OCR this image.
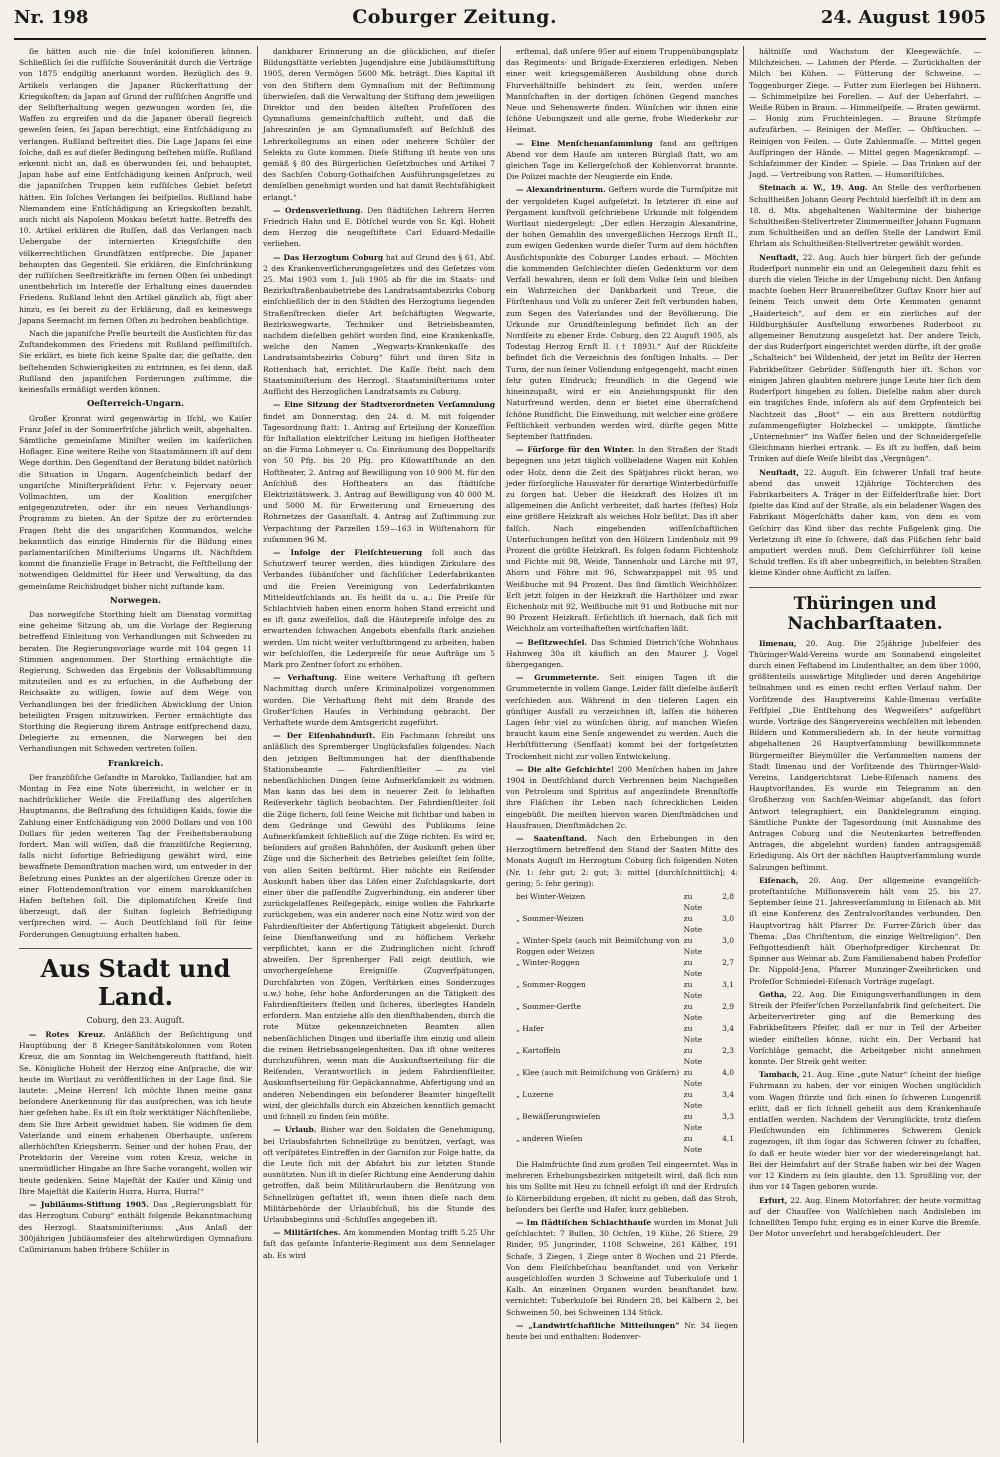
Nr. 198	Coburger Zeitung.	24. August 1905

ſie hätten auch nie die Inſel koloniſieren können. Schließlich ſei die ruſſiſche Souveränität durch die Verträge von 1875 endgiltig anerkannt worden. Bezüglich des 9. Artikels verlangen die Japaner Rückerſtattung der Kriegskoſten; da Japan auf Grund der ruſſiſchen Angriffe und der Selbſterhaltung wegen gezwungen worden ſei, die Waffen zu ergreifen und da die Japaner überall ſiegreich geweſen ſeien, ſei Japan berechtigt, eine Entſchädigung zu verlangen. Rußland beſtreitet dies. Die Lage Japans ſei eine ſolche, daß es auf dieſer Bedingung beſtehen müſſe. Rußland erkennt nicht an, daß es überwunden ſei, und behauptet, Japan habe auf eine Entſchädigung keinen Anſpruch, weil die japaniſchen Truppen kein ruſſiſches Gebiet beſetzt hätten. Ein ſolches Verlangen ſei beiſpiellos. Rußland habe Niemandem eine Entſchädigung an Kriegskoſten bezahlt, auch nicht als Napoleon Moskau beſetzt hatte. Betreffs des 10. Artikel erklären die Ruſſen, daß das Verlangen nach Uebergabe der internierten Kriegsſchiffe den völkerrechtlichen Grundſätzen entſpreche. Die Japaner behaupten das Gegenteil. Sie erklären, die Einſchränkung der ruſſiſchen Seeſtreitkräfte im fernen Oſten ſei unbedingt unentbehrlich im Intereſſe der Erhaltung eines dauernden Friedens. Rußland lehnt den Artikel gänzlich ab, fügt aber hinzu, es ſei bereit zu der Erklärung, daß es keineswegs Japans Seemacht im fernen Oſten zu bedrohen beabſichtige.

Nach die japaniſche Preſſe beurteilt die Ausſichten für das Zuſtandekommen des Friedens mit Rußland peſſimiſtiſch. Sie erklärt, es biete ſich keine Spalte dar, die geſtatte, den beſtehenden Schwierigkeiten zu entrinnen, es ſei denn, daß Rußland den japaniſchen Forderungen zuſtimme, die keinesfalls ermäßigt werden können.

Oeſterreich-Ungarn.

Großer Kronrat wird gegenwärtig in Iſchl, wo Kaiſer Franz Joſef in der Sommerfriſche jährlich weilt, abgehalten. Sämtliche gemeinſame Miniſter weilen im kaiſerlichen Hoflager. Eine weitere Reihe von Staatsmännern iſt auf dem Wege dorthin. Den Gegenſtand der Beratung bildet natürlich die Situation in Ungarn. Augenſcheinlich bedarf der ungariſche Miniſterpräſident Frhr. v. Fejervary neuer Vollmachten, um der Koalition energiſcher entgegenzutreten, oder ihr ein neues Verhandlungs-Programm zu bieten. An der Spitze der zu erörternden Fragen ſteht die des ungariſchen Kommandos, welche bekanntlich das einzige Hindernis für die Bildung eines parlamentariſchen Miniſteriums Ungarns iſt. Nächſtdem kommt die finanzielle Frage in Betracht, die Feſtſtellung der notwendigen Geldmittel für Heer und Verwaltung, da das gemeinſame Reichsbudget bisher nicht zuſtande kam.

Norwegen.

Das norwegiſche Storthing hielt am Dienstag vormittag eine geheime Sitzung ab, um die Vorlage der Regierung betreffend Einleitung von Verhandlungen mit Schweden zu beraten. Die Regierungsvorlage wurde mit 104 gegen 11 Stimmen angenommen. Der Storthing ermächtigte die Regierung, Schweden das Ergebnis der Volksabſtimmung mitzuteilen und es zu erſuchen, in die Aufhebung der Reichsakte zu willigen, ſowie auf dem Wege von Verhandlungen bei der friedlichen Abwicklung der Union beteiligten Fragen mitzuwirken. Ferner ermächtigte das Storthing die Regierung ihrem Antrage entſprechend dazu, Delegierte zu ernennen, die Norwegen bei den Verhandlungen mit Schweden vertreten ſollen.

Frankreich.

Der franzöſiſche Geſandte in Marokko, Taillandier, hat am Montag in Fez eine Note überreicht, in welcher er in nachdrücklicher Weiſe die Freilaſſung des algeriſchen Hauptmanns, die Beſtrafung des ſchuldigen Kaids, ſowie die Zahlung einer Entſchädigung von 2000 Dollars und von 100 Dollars für jeden weiteren Tag der Freiheitsberaubung fordert. Man will wiſſen, daß die franzöſiſche Regierung, falls nicht ſofortige Befriedigung gewährt wird, eine bewaffnete Demonſtration machen wird, um entweder in der Beſetzung eines Punktes an der algeriſchen Grenze oder in einer Flottendemonſtration vor einem marokkaniſchen Hafen beſtehen ſoll. Die diplomatiſchen Kreiſe ſind überzeugt, daß der Sultan ſogleich Befriedigung verſprechen wird. — Auch Deutſchland ſoll für ſeine Forderungen Genugtuung erhalten haben.

Aus Stadt und Land.
Coburg, den 23. Auguſt.

— Rotes Kreuz. Anläßlich der Beſichtigung und Hauptübung der 8 Krieger-Sanitätskolonnen vom Roten Kreuz, die am Sonntag im Welchengereuth ſtattfand, hielt Se. Königliche Hoheit der Herzog eine Anſprache, die wir heute im Wortlaut zu veröffentlichen in der Lage ſind. Sie lautete: „Meine Herren! Ich möchte Ihnen meine ganz beſondere Anerkennung für das ausſprechen, was ich heute hier geſehen habe. Es iſt ein ſtolz werktätiger Nächſtenliebe, dem Sie Ihre Arbeit gewidmet haben. Sie widmen ſie dem Vaterlande und einem erhabenen Oberhaupte, unſerem allerhöchſten Kriegsherrn. Seiner und der hohen Frau, der Protektorin der Vereine vom roten Kreuz, welche in unermüdlicher Hingabe an Ihre Sache vorangeht, wollen wir heute gedenken. Seine Majeſtät der Kaiſer und König und Ihre Majeſtät die Kaiſerin Hurra, Hurra, Hurra!“

— Jubiläums-Stiftung 1905. Das „Regierungsblatt für das Herzogtum Coburg“ enthält folgende Bekanntmachung des Herzogl. Staatsminiſteriums: „Aus Anlaß der 300jährigen Jubiläumsfeier des altehrwürdigen Gymnaſium Caſimirianum haben frühere Schüler in

dankbarer Erinnerung an die glücklichen, auf dieſer Bildungsſtätte verlebten Jugendjahre eine Jubiläumsſtiftung 1905, deren Vermögen 5600 Mk. beträgt. Dies Kapital iſt von den Stiftern dem Gymnaſium mit der Beſtimmung überwieſen, daß die Verwaltung der Stiftung dem jeweiligen Direktor und den beiden älteſten Profeſſoren des Gymnaſiums gemeinſchaftlich zuſteht, und daß die Jahreszinſen je am Gymnaſiumsfeſt auf Beſchluß des Lehrerkollegiums an einen oder mehrere Schüler der Selekta zu Gute kommen. Dieſe Stiftung iſt heute von uns gemäß § 80 des Bürgerlichen Geſetzbuches und Artikel 7 des Sachſen Coburg-Gothaiſchen Ausführungsgeſetzes zu demſelben genehmigt worden und hat damit Rechtsfähigkeit erlangt.“

— Ordensverleihung. Den ſtädtiſchen Lehrern Herren Friedrich Hahn und E. Dötſchel wurde von Sr. Kgl. Hoheit dem Herzog die neugeſtiftete Carl Eduard-Medaille verliehen.

— Das Herzogtum Coburg hat auf Grund des § 61, Abſ. 2 des Krankenverſicherungsgeſetzes und des Geſetzes vom 25. Mai 1903 vom 1. Juli 1905 ab für die im Staats- und Bezirksſtraßenbaubetriebe des Landratsamtsbezirks Coburg einſchließlich der in den Städten des Herzogtums liegenden Straßenſtrecken dieſer Art beſchäftigten Wegwarte, Bezirkswegwarte, Techniker und Betriebsbeamten, nachdem dieſelben gehört worden ſind, eine Krankenkaſſe, welche den Namen „Wegwarts-Krankenkaſſe des Landratsamtsbezirks Coburg“ führt und ihren Sitz in Rottenbach hat, errichtet. Die Kaſſe ſteht nach dem Staatsminiſterium des Herzogl. Staatsminiſteriums unter Aufſicht des Herzoglichen Landratsamts zu Coburg.

— Eine Sitzung der Stadtverordneten Verſammlung findet am Donnerstag, den 24. d. M. mit folgender Tagesordnung ſtatt: 1. Antrag auf Erteilung der Konzeſſion für Inſtallation elektriſcher Leitung im hieſigen Hoftheater an die Firma Lohmeyer u. Co. Einräumung des Doppeltarifs von 50 Pfg. bis 20 Pfg. pro Kilowattſtunde an den Hoftheater, 2. Antrag auf Bewilligung von 10 900 M. für den Anſchluß des Hoftheaters an das ſtädtiſche Elektrizitätswerk. 3. Antrag auf Bewilligung von 40 000 M. und 5000 M. für Erweiterung und Erneuerung des Rohrnetzes der Gasanſtalt. 4. Antrag auf Zuſtimmung zur Verpachtung der Parzellen 159—163 in Wüſtenahorn für zuſammen 96 M.

— Infolge der Fleiſchteuerung ſoll auch das Schutzwerf teurer werden, dies kündigen Zirkulare des Verbandes ſübäniſcher und ſächſiſcher Lederfabrikanten und die Freien Vereinigung von Lederfabrikanten Mitteldeutſchlands an. Es heißt da u. a.: Die Preiſe für Schlachtvieh haben einen enorm hohen Stand erreicht und es iſt ganz zweifellos, daß die Häutepreiſe infolge des zu erwartenden ſchwachen Angebots ebenfalls ſtark anziehen werden. Um nicht weiter verluſtbringend zu arbeiten, haben wir beſchloſſen, die Lederpreiſe für neue Aufträge um 5 Mark pro Zentner ſofort zu erhöhen.

— Verhaftung. Eine weitere Verhaftung iſt geſtern Nachmittag durch unſere Kriminalpolizei vorgenommen worden. Die Verhaftung ſteht mit dem Brande des Großer'ſchen Hauſes in Verbindung gebracht. Der Verhaftete wurde dem Amtsgericht zugeführt.

— Der Eiſenbahndurſt. Ein Fachmann ſchreibt uns anläßlich des Spremberger Unglücksfalles folgendes: Nach den jetzigen Beſtimmungen hat der dienſthabende Stationsbeamte — Fahrdienſtleiter — zu viel nebenſächlichen Dingen ſeine Aufmerkſamkeit zu widmen. Man kann das bei dem in neuerer Zeit ſo lebhaften Reiſeverkehr täglich beobachten. Der Fahrdienſtleiter ſoll die Züge ſichern, ſoll ſeine Weiche mit ſichtbar und haben in dem Gedränge und Gewühl des Publikums ſeine Aufmerkſamkeit ſchließlich auf die Züge richten. Es wird er, beſonders auf großen Bahnhöfen, der Auskunft geben über Züge und die Sicherheit des Betriebes geleiſtet ſein ſollte, von allen Seiten beſtürmt. Hier möchte ein Reiſender Auskunft haben über das Löſen einer Zuſchlagskarte, dort einer über die paſſendſte Zugverbindung, ein anderer über zurückgelaſſenes Reiſegepäck, einige wollen die Fahrkarte zurückgeben, was ein anderer noch eine Notiz wird von der Fahrdienſtleiter der Abfertigung Tätigkeit abgelenkt. Durch ſeine Dienſtanweiſung und zu höflichem Verkehr verpflichtet, kann er die Zudringlichen nicht ſchroff abweiſen. Der Sprenberger Fall zeigt deutlich, wie unvorhergeſehene Ereigniſſe (Zugverſpätungen, Durchfahrten von Zügen, Verſtärken eines Sonderzuges u.w.) hohe, ſehr hohe Anforderungen an die Tätigkeit des Fahrdienſtleiters ſtellen und ſicheres, überlegtes Handeln erfordern. Man entziehe alſo den dienſthabenden, durch die rote Mütze gekennzeichneten Beamten allen nebenſächlichen Dingen und überlaſſe ihm einzig und allein die reinen Betriebsangelegenheiten. Das iſt ohne weiteres durchzuführen, wenn man die Auskunftserteilung für die Reiſenden, Verantwortlich in jedem Fahrdienſtleiter, Auskunftserteilung für Gepäckannahme, Abfertigung und an anderen Nebendingen ein beſonderer Beamter hingeſtellt wird, der gleichfalls durch ein Abzeichen kenntlich gemacht und ſchnell zu finden ſein müßte.

— Urlaub. Bisher war den Soldaten die Genehmigung, bei Urlaubsfahrten Schnellzüge zu benützen, verſagt, was oft verſpätetes Eintreffen in der Garniſon zur Folge hatte, da die Leute ſich mit der Abfahrt bis zur letzten Stunde ausnützten. Nun iſt in dieſer Richtung eine Aenderung dahin getroffen, daß beim Militärurlaubern die Benützung von Schnellzügen geſtattet iſt, wenn ihnen dieſe nach dem Militärbehörde der Urlaubſchuß, bis die Stunde des Urlaubsbeginns und -Schluſſes angegeben iſt.

— Militäriſches. Am kommenden Montag trifft 5.25 Uhr faſt das geſamte Infanterie-Regiment aus dem Sennelager ab. Es wird

erſtemal, daß unſere 95er auf einem Truppenübungsplatz das Regiments- und Brigade-Exerzieren erledigen. Neben einer weit kriegsgemäßeren Ausbildung ohne durch Flurverhältniſſe behindert zu ſein, werden unſere Mannſchaften in der dortigen ſchönen Gegend manches Neue und Sehenswerte finden. Wünſchen wir ihnen eine ſchöne Uebungszeit und alle gerne, frohe Wiederkehr zur Heimat.

— Eine Menſchenanſammlung fand am geſtrigen Abend vor dem Hauſe am unteren Bürglaß ſtatt, wo am gleichen Tage im Kellergeſchoß der Kohlenvorrat brannte. Die Polizei machte der Neugierde ein Ende.

— Alexandrinenturm. Geſtern wurde die Turmſpitze mit der vergoldeten Kugel aufgeſetzt. In letzterer iſt eine auf Pergament kunſtvoll geſchriebene Urkunde mit folgendem Wortlaut niedergelegt: „Der edlen Herzogin Alexandrine, der hohen Gemahlin des unvergeßlichen Herzogs Ernſt II., zum ewigen Gedenken wurde dieſer Turm auf dem höchſten Ausſichtspunkte des Coburger Landes erbaut. — Möchten die kommenden Geſchlechter dieſen Gedenkturm vor dem Verfall bewahren, denn er ſoll dem Volke ſein und bleiben ein Wahrzeichen der Dankbarkeit und Treue, die Fürſtenhaus und Volk zu unſerer Zeit feſt verbunden haben, zum Segen des Vaterlandes und der Bevölkerung. Die Urkunde zur Grundſteinlegung befindet ſich an der Nordſeite zu ebener Erde. Coburg, den 22 Auguſt 1905, als Todestag Herzog Ernſt II. († 1893).“ Auf der Rückſeite befindet ſich die Verzeichnis des ſonſtigen Inhalts. — Der Turm, der nun ſeiner Vollendung entgegengeht, macht einen ſehr guten Eindruck; freundlich in die Gegend wie hineinzupaßt, wird er ein Anziehungspunkt für den Naturfreund werden, denn er bietet eine überraſchend ſchöne Rundſicht. Die Einweihung, mit welcher eine größere Feſtlichkeit verbunden werden wird, dürfte gegen Mitte September ſtattfinden.

— Fürſorge für den Winter. In den Straßen der Stadt begegnen uns jetzt täglich vollbeladene Wagen mit Kohlen oder Holz, denn die Zeit des Spätjahres rückt heran, wo jeder fürſorgliche Hausvater für derartige Winterbedürfniſſe zu ſorgen hat. Ueber die Heizkraft des Holzes iſt im allgemeinen die Anſicht verbreitet, daß hartes (feſtes) Holz eine größere Heizkraft als weiches Holz beſitzt. Das iſt aber falſch. Nach eingehenden wiſſenſchaftlichen Unterſuchungen beſitzt von den Hölzern Lindenholz mit 99 Prozent die größte Heizkraft. Es folgen ſodann Fichtenholz und Fichte mit 98, Weide, Tannenholz und Lärche mit 97, Ahorn und Föhre mit 96, Schwarzpappel mit 95 und Weißbuche mit 94 Prozent. Das ſind ſämtlich Weichhölzer. Erſt jetzt folgen in der Heizkraft die Harthölzer und zwar Eichenholz mit 92, Weißbuche mit 91 und Rotbuche mit nur 90 Prozent Heizkraft. Erſichtlich iſt hiernach, daß ſich mit Weichholz am vorteilhafteſten wirtſchaften läßt.

— Beſitzwechſel. Das Schmied Dietrich'ſche Wohnhaus Hahnweg 30a iſt käuflich an den Maurer J. Vogel übergegangen.

— Grummeternte. Seit einigen Tagen iſt die Grummeternte in vollem Gange. Leider fällt dieſelbe äußerſt verſchieden aus. Während in den tieferen Lagen ein günſtiger Ausfall zu verzeichnen iſt, laſſen die höheren Lagen ſehr viel zu wünſchen übrig, auf manchen Wieſen braucht kaum eine Senſe angewendet zu werden. Auch die Herbſtfütterung (Senfſaat) kommt bei der fortgeſetzten Trockenheit nicht zur vollen Entwickelung.

— Die alte Geſchichte! 200 Menſchen haben im Jahre 1904 in Deutſchland durch Verbrennen beim Nachgießen von Petroleum und Spiritus auf angezündete Brennſtoffe ihre Fläſchen ihr Leben nach ſchrecklichen Leiden eingebüßt. Die meiſten hiervon waren Dienſtmädchen und Hausfrauen, Dienſtmädchen 2c.

— Saatenſtand. Nach den Erhebungen in den Herzogtümern betreffend den Stand der Saaten Mitte des Monats Auguſt im Herzogtum Coburg ſich folgenden Noten (Nr. 1: ſehr gut; 2: gut; 3: mittel [durchſchnittlich]; 4: gering; 5: ſehr gering):

bei Winter-Weizen	zu Note	2,8
„ Sommer-Weizen	zu Note	3,0
„ Winter-Spelz (auch mit Beimiſchung von Roggen oder Weizen	zu Note	3,0
„ Winter-Roggen	zu Note	2,7
„ Sommer-Roggen	zu Note	3,1
„ Sommer-Gerſte	zu Note	2,9
„ Hafer	zu Note	3,4
„ Kartoffeln	zu Note	2,3
„ Klee (auch mit Beimiſchung von Gräſern)	zu Note	4,0
„ Luzerne	zu Note	3,4
„ Bewäſſerungswieſen	zu Note	3,3
„ anderen Wieſen	zu Note	4,1

Die Halmfrüchte ſind zum großen Teil eingeerntet. Was in mehreren Erhebungsbezirken mitgeteilt wird, daß ſich nun bis um Sollte mit Heu zu ſchnell erfolgt iſt und der Erdruſch ſo Körnerbildung ergeben, iſt nicht zu geben, daß das Stroh, beſonders bei Gerſte und Hafer, kurz geblieben.

— Im ſtädtiſchen Schlachthauſe wurden im Monat Juli geſchlachtet: 7 Bullen, 30 Ochſen, 19 Kühe, 26 Stiere, 29 Rinder, 95 Jungrinder, 1108 Schweine, 261 Kälber, 191 Schafe, 3 Ziegen, 1 Ziege unter 8 Wochen und 21 Pferde. Von dem Fleiſchbeſchau beanſtandet und von Verkehr ausgeſchloſſen wurden 3 Schweine auf Tuberkuloſe und 1 Kalb. An einzelnen Organen wurden beanſtandet bzw. vernichtet: Tuberkuloſe bei Rindern 28, bei Kälbern 2, bei Schweinen 50, bei Schweinen 134 Stück.

— „Landwirtſchaftliche Mitteilungen“ Nr. 34 liegen heute bei und enthalten: Bodenver-

hältniſſe und Wachstum der Kleegewächſe. — Milchzeichen. — Lahmen der Pferde. — Zurückhalten der Milch bei Kühen. — Fütterung der Schweine. — Toggenburger Ziege. — Futter zum Eierlegen bei Hühnern. — Schimmelpilze bei Forellen. — Auf der Ueberfahrt. — Weiße Rüben in Braun. — Himmelſpeiſe. — Braten gewärmt. — Honig zum Fruchteinlegen. — Braune Strümpfe aufzufärben. — Reinigen der Meſſer. — Obſtkuchen. — Reinigen von Feilen. — Gute Zahlenmaſſe. — Mittel gegen Aufſpringen der Hände. — Mittel gegen Magenkrampf. — Schlafzimmer der Kinder. — Spiele. — Das Trinken auf der Jagd. — Vertreibung von Ratten. — Humoriſtiſches.

Steinach a. W., 19. Aug. An Stelle des verſtorbenen Schultheißen Johann Georg Pechtold hierſelbſt iſt in dem am 18. d. Mts. abgehaltenen Wahltermine der bisherige Schultheißen-Stellvertreter Zimmermeiſter Johann Fugmann zum Schultheißen und an deſſen Stelle der Landwirt Emil Ehrlam als Schultheißen-Stellvertreter gewählt worden.

Neuſtadt, 22. Aug. Auch hier bürgert ſich der geſunde Ruderſport nunmehr ein und an Gelegenheit dazu fehlt es durch die vielen Teiche in der Umgebung nicht. Den Anfang machte ſoeben Herr Brauereibeſitzer Guſtav Knorr hier auf ſeinem Teich unweit dem Orte Kemmaten genannt „Haiderteich“, auf dem er ein zierliches auf der Hildburghäuſer Ausſtellung erworbenes Ruderboot zu allgemeiner Benutzung ausgeſetzt hat. Der andere Teich, der das Ruderſport eingerichtet werden dürfte, iſt der große „Schalteich“ bei Wildenheid, der jetzt im Beſitz der Herren Fabrikbeſitzer Gebrüder Süſſenguth hier iſt. Schon vor einigen Jahren glaubten mehrere junge Leute hier ſich dem Ruderſport hingeben zu ſollen. Dieſelbe nahm aber durch ein tragiſches Ende, inſofern als auf dem Grpfenteich bei Nachtzeit das „Boot“ — ein aus Brettern notdürftig zuſammengefügter Holzbeckel — umkippte, ſämtliche „Unternehmer“ ins Waſſer fielen und der Schneidergeſelle Gleichmann hierbei ertrank. — Es iſt zu hoffen, daß beim Trinken auf dieſe Weiſe bleibt das „Vergnügen“.

Neuſtadt, 22. Auguſt. Ein ſchwerer Unfall traf heute abend das unweit 12jährige Töchterchen des Fabrikarbeiters A. Träger in der Eiſfelderſtraße hier. Dort ſpielte das Kind auf der Straße, als ein beladener Wagen des Fabrikant Mögerſchäfts daher kam, von dem es vom Geſchirr das Kind über das rechte Fußgelenk ging. Die Verletzung iſt eine ſo ſchwere, daß das Füßchen ſehr bald amputiert werden muß. Dem Geſchirrführer ſoll keine Schuld treffen. Es iſt aber unbegreiflich, in belebten Straßen kleine Kinder ohne Aufſicht zu laſſen.

Thüringen und Nachbarſtaaten.

Ilmenau, 20. Aug. Die 25jährige Jubelfeier des Thüringer-Wald-Vereins wurde am Sonnabend eingeleitet durch einen Feſtabend im Lindenthalter, an dem über 1000, größtenteils auswärtige Mitglieder und deren Angehörige teilnahmen und es einen recht erſten Verlauf nahm. Der Vorſitzende des Hauptvereins Kahle-Ilmenau verfaßte Feſtſpiel „Die Entſtehung des Wegweiſers“ aufgeführt wurde. Vorträge des Sängervereins wechſelten mit lebenden Bildern und Kommersliedern ab. In der heute vormittag abgehaltenen 26 Hauptverſammlung bewillkommnete Bürgermeiſter Bleymüller die Verſammelten namens der Stadt Ilmenau und der Vorſitzende des Thüringer-Wald-Vereins, Landgerichtsrat Liebe-Eiſenach namens des Hauptvorſtandes. Es wurde ein Telegramm an den Großherzog von Sachſen-Weimar abgeſandt, das ſofort Antwort telegraphiert, ein Danktelegramm einging. Sämtliche Punkte der Tagesordnung (mit Ausnahme des Antrages Coburg und die Neutenkarten betreffenden Antrages, die abgelehnt wurden) fanden antragsgemäß Erledigung. Als Ort der nächſten Hauptverſammlung wurde Salzungen beſtimmt.

Eiſenach, 20. Aug. Der allgemeine evangeliſch-proteſtantiſche Miſſionsverein hält vom 25. bis 27. September ſeine 21. Jahresverſammlung in Eiſenach ab. Mit iſt eine Konferenz des Zentralvorſtandes verbunden. Den Hauptvortrag hält Pfarrer Dr. Furrer-Zürich über das Thema: „Das Chriſtentum, die einzige Weltreligion“. Den Feſtgottesdienſt hält Oberhofprediger Kirchenrat Dr. Spinner aus Weimar ab. Zum Familienabend haben Profeſſor Dr. Nippold-Jena, Pfarrer Munzinger-Zweibrücken und Profeſſor Schmiedel-Eiſenach Vorträge zugeſagt.

Gotha, 22. Aug. Die Einigungsverhandlungen in dem Streik der Pfeifer'ſchen Porzellanfabrik ſind geſcheitert. Die Arbeitervertreter ging auf die Bemerkung des Fabrikbeſitzers Pfeifer, daß er nur in Teil der Arbeiter wieder einſtellen könne, nicht ein. Der Verband hat Vorſchläge gemacht, die Arbeitgeber nicht annehmen konnte. Der Streik geht weiter.

Tambach, 21. Aug. Eine „gute Natur“ ſcheint der hieſige Fuhrmann zu haben, der vor einigen Wochen unglücklich vom Wagen ſtürzte und ſich einen ſo ſchweren Lungenriß erlitt, daß er ſich ſchnell geheilt aus dem Krankenhauſe entlaſſen werden. Nachdem der Verunglückte, trotz dieſem Fleiſchwunden ein ſchlimmeres Schwerem Genick zugezogen, iſt ihm ſogar das Schweren ſchwer zu ſchaffen, ſo daß er heute wieder hier vor der wiedereingelangt hat. Bei der Heimfahrt auf der Straße haben wir bei der Wagen vor 12 Kindern zu ſein glaubte, den 13. Sproßling vor, der ihm vor 14 Tagen geboren wurde.

Erfurt, 22. Aug. Einem Motorfahrer, der heute vormittag auf der Chauſſee von Walſchleben nach Andisleben im ſchnellſten Tempo fuhr, erging es in einer Kurve die Bremſe. Der Motor unverſehrt und herabgeſchleudert. Der
